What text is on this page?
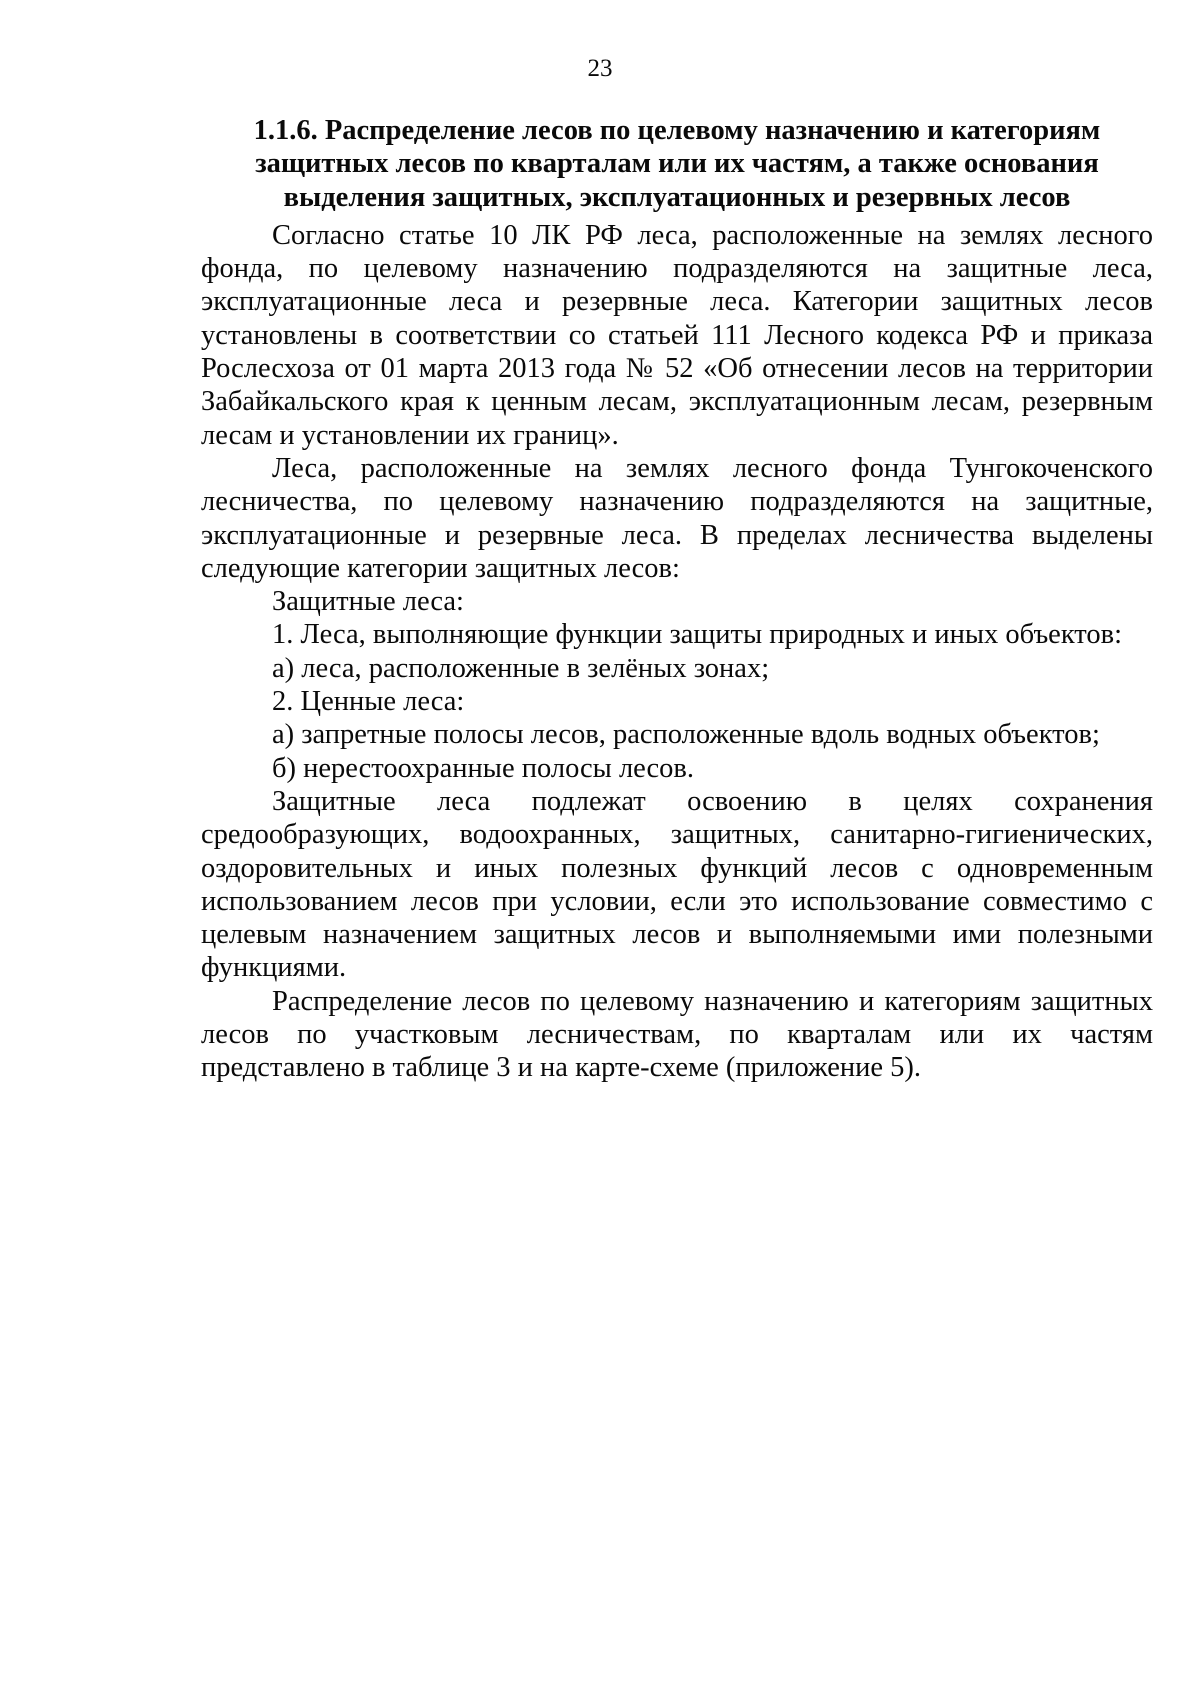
23
1.1.6. Распределение лесов по целевому назначению и категориям
защитных лесов по кварталам или их частям, а также основания
выделения защитных, эксплуатационных и резервных лесов

Согласно статье 10 ЛК РФ леса, расположенные на землях лесного фонда, по целевому назначению подразделяются на защитные леса, эксплуатационные леса и резервные леса. Категории защитных лесов установлены в соответствии со статьей 111 Лесного кодекса РФ и приказа Рослесхоза от 01 марта 2013 года № 52 «Об отнесении лесов на территории Забайкальского края к ценным лесам, эксплуатационным лесам, резервным лесам и установлении их границ».

Леса, расположенные на землях лесного фонда Тунгокоченского лесничества, по целевому назначению подразделяются на защитные, эксплуатационные и резервные леса. В пределах лесничества выделены следующие категории защитных лесов:

Защитные леса:

1. Леса, выполняющие функции защиты природных и иных объектов:

а) леса, расположенные в зелёных зонах;

2. Ценные леса:

а) запретные полосы лесов, расположенные вдоль водных объектов;

б) нерестоохранные полосы лесов.

Защитные леса подлежат освоению в целях сохранения средообразующих, водоохранных, защитных, санитарно-гигиенических, оздоровительных и иных полезных функций лесов с одновременным использованием лесов при условии, если это использование совместимо с целевым назначением защитных лесов и выполняемыми ими полезными функциями.

Распределение лесов по целевому назначению и категориям защитных лесов по участковым лесничествам, по кварталам или их частям представлено в таблице 3 и на карте-схеме (приложение 5).
